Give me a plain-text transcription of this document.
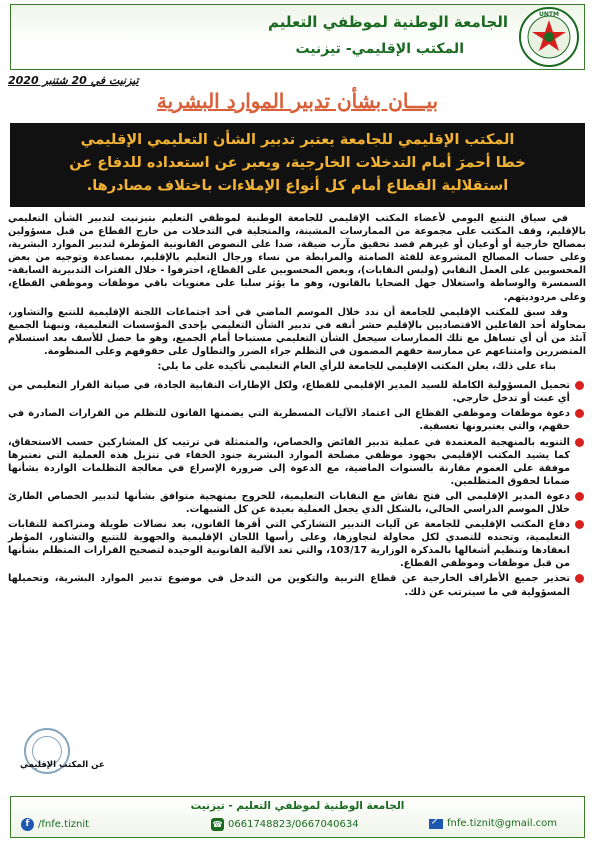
UNTM
الجامعة الوطنية لموظفي التعليم
المكتب الإقليمي- تيزنيت
تيزنيت في 20 شتنبر 2020
بيـــان بشأن تدبير الموارد البشرية
المكتب الإقليمي للجامعة يعتبر تدبير الشأن التعليمي الإقليمي
خطا أحمرَ أمام التدخلات الخارجية، ويعبر عن استعداده للدفاع عن
استقلالية القطاع أمام كل أنواع الإملاءات باختلاف مصادرها.

في سياق التتبع اليومي لأعضاء المكتب الإقليمي للجامعة الوطنية لموظفي التعليم بتيزنيت لتدبير الشأن التعليمي بالإقليم، وقف المكتب على مجموعة من الممارسات المشينة، والمتجلية في التدخلات من خارج القطاع من قبل مسؤولين بمصالح خارجية أو أوعيان أو غيرهم قصد تحقيق مآرب ضيقة، ضدا على النصوص القانونية المؤطرة لتدبير الموارد البشرية، وعلى حساب المصالح المشروعة للفئة الصامتة والمرابطة من نساء ورجال التعليم بالإقليم، بمساعدة وتوجيه من بعض المحسوبين على العمل النقابي (وليس النقابات)، وبعض المحسوبين على القطاع، احترفوا - خلال الفترات التدبيرية السابقة- السمسرة والوساطة واستغلال جهل الضحايا بالقانون، وهو ما يؤثر سلبا على معنويات باقي موظفات وموظفي القطاع، وعلى مردوديتهم.

وقد سبق للمكتب الإقليمي للجامعة أن ندد خلال الموسم الماضي في أحد اجتماعات اللجنة الإقليمية للتتبع والتشاور، بمحاولة أحد الفاعلين الاقتصاديين بالإقليم حشر أنفه في تدبير الشأن التعليمي بإحدى المؤسسات التعليمية، ونبهنا الجميع آنئذ من أن أي تساهل مع تلك الممارسات سيجعل الشأن التعليمي مستباحا أمام الجميع، وهو ما حصل للأسف بعد استسلام المتضررين وامتناعهم عن ممارسة حقهم المضمون في التظلم جراء الضرر والتطاول على حقوقهم وعلى المنظومة.

بناء على ذلك، يعلن المكتب الإقليمي للجامعة للرأي العام التعليمي تأكيده على ما يلي:

تحميل المسؤولية الكاملة للسيد المدير الإقليمي للقطاع، ولكل الإطارات النقابية الجادة، في صيانة القرار التعليمي من أي عبث أو تدخل خارجي.
دعوة موظفات وموظفي القطاع الى اعتماد الآليات المسطرية التي يضمنها القانون للتظلم من القرارات الصادرة في حقهم، والتي يعتبرونها تعسفية.
التنويه بالمنهجية المعتمدة في عملية تدبير الفائض والخصاص، والمتمثلة في ترتيب كل المشاركين حسب الاستحقاق، كما يشيد المكتب الإقليمي بجهود موظفي مصلحة الموارد البشرية جنود الخفاء في تنزيل هذه العملية التي نعتبرها موفقة على العموم مقارنة بالسنوات الماضية، مع الدعوة إلى ضرورة الإسراع في معالجة التظلمات الواردة بشأنها ضمانا لحقوق المتظلمين.
دعوة المدير الإقليمي الى فتح نقاش مع النقابات التعليمية، للخروج بمنهجية متوافق بشأنها لتدبير الخصاص الطارئ خلال الموسم الدراسي الحالي، بالشكل الذي يجعل العملية بعيدة عن كل الشبهات.
دفاع المكتب الإقليمي للجامعة عن آليات التدبير التشاركي التي أقرها القانون، بعد نضالات طويلة ومتراكمة للنقابات التعليمية، وتجنده للتصدي لكل محاولة لتجاوزها، وعلى رأسها اللجان الإقليمية والجهوية للتتبع والتشاور، المؤطر انعقادها وتنظيم أشغالها بالمذكرة الوزارية 103/17، والتي تعد الآلية القانونية الوحيدة لتصحيح القرارات المتظلم بشأنها من قبل موظفات وموظفي القطاع.
تحذير جميع الأطراف الخارجية عن قطاع التربية والتكوين من التدخل في موضوع تدبير الموارد البشرية، وتحميلها المسؤولية في ما سيترتب عن ذلك.
عن المكتب الإقليمي
الجامعة الوطنية لموظفي التعليم - تيزنيت
f /fnfe.tiznit	☎ 0661748823/0667040634	fnfe.tiznit@gmail.com
